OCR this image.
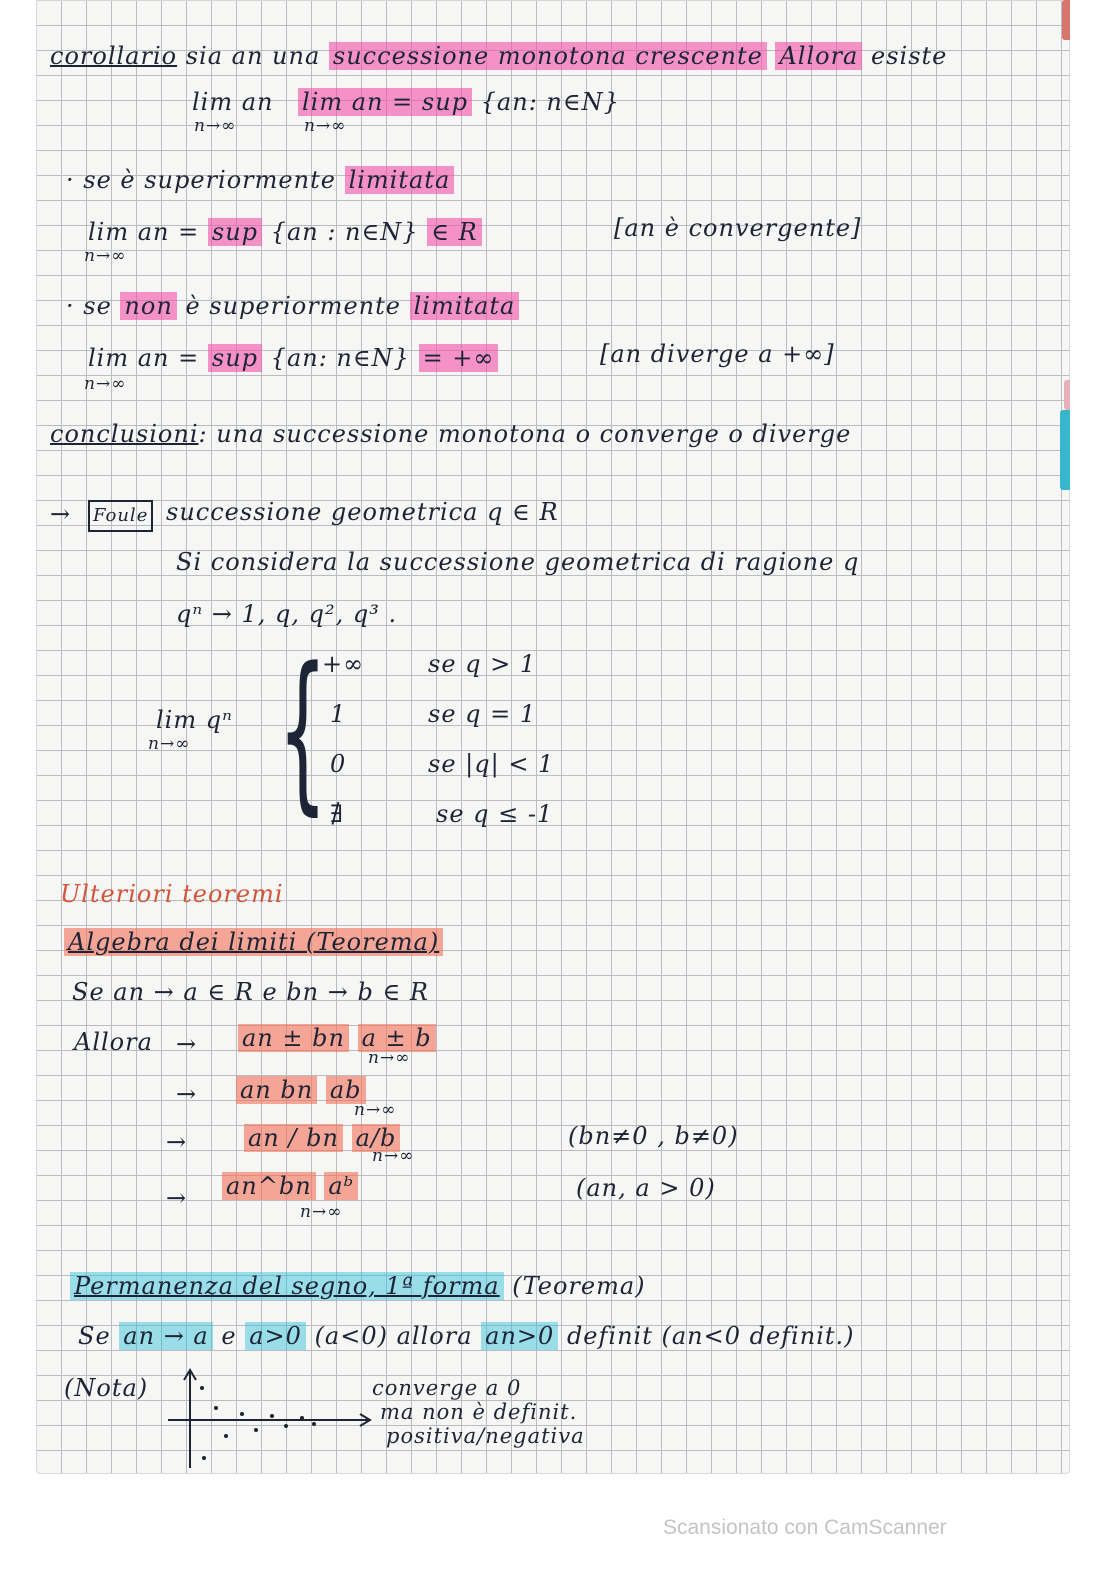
corollario sia an una successione monotona crescente Allora esiste
lim an
n→∞
lim an = sup {an: n∈N}
n→∞
· se è superiormente limitata
lim an = sup {an : n∈N} ∈ R
n→∞
[an è convergente]
· se non è superiormente limitata
lim an = sup {an: n∈N} = +∞
n→∞
[an diverge a +∞]
conclusioni: una successione monotona o converge o diverge
→ Foule successione geometrica q ∈ R
Si considera la successione geometrica di ragione q
qⁿ → 1, q, q², q³ .
lim qⁿ
n→∞ {
+∞	se q > 1
1	se q = 1
0	se |q| < 1
∄	se q ≤ -1
Ulteriori teoremi
Algebra dei limiti (Teorema)
Se an → a ∈ R e bn → b ∈ R
Allora → an ± bn a ± b
n→∞
→ an bn ab
n→∞
→	an / bn a/b
n→∞
(bn≠0 , b≠0)
→ an^bn aᵇ
n→∞
(an, a > 0)
Permanenza del segno, 1ª forma (Teorema)
Se an → a e a>0 (a<0) allora an>0 definit (an<0 definit.)
(Nota)	converge a 0
ma non è definit.
positiva/negativa
Scansionato con CamScanner
